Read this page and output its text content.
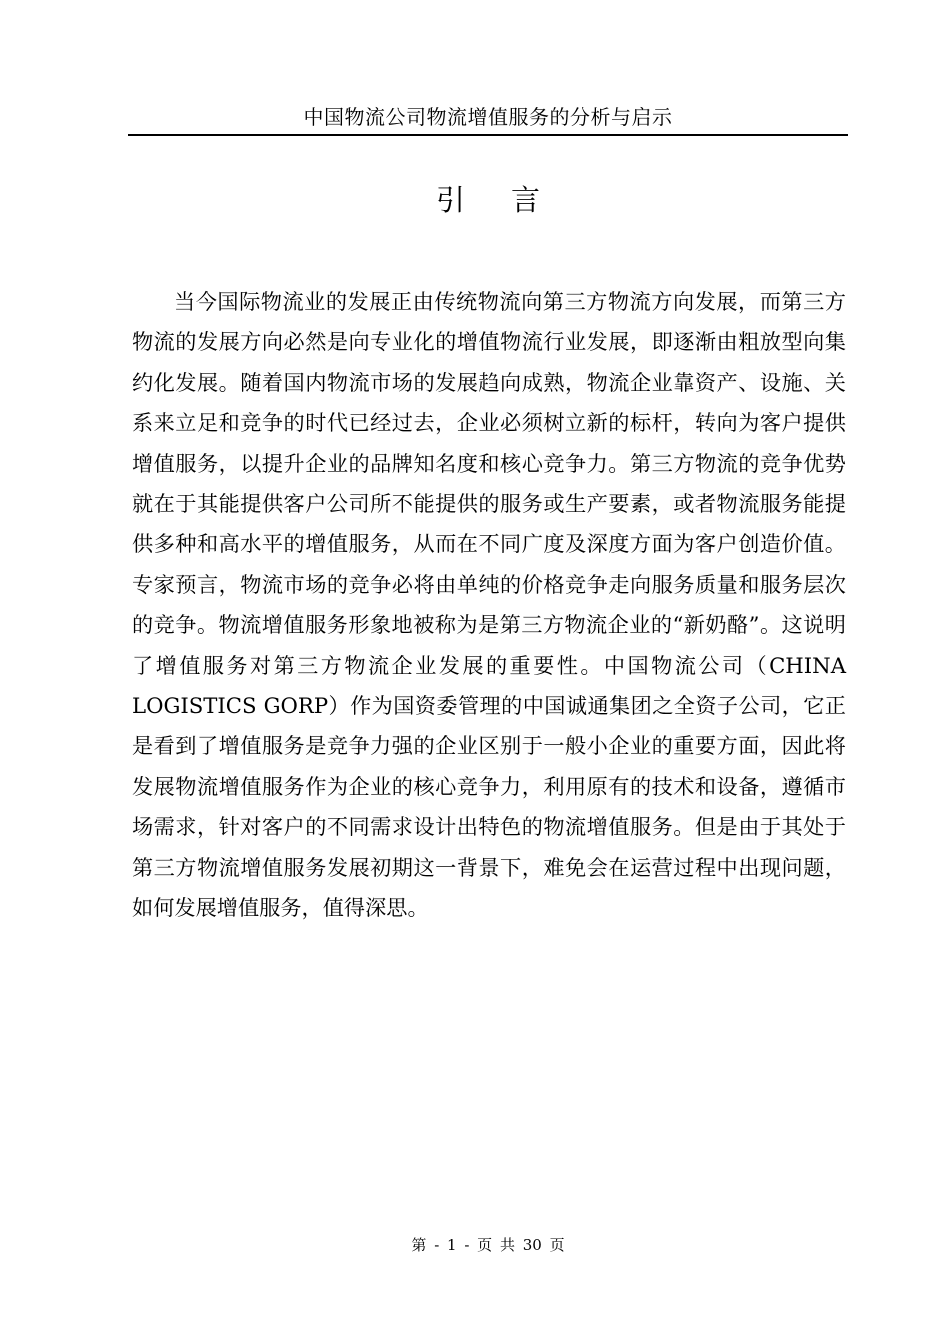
中国物流公司物流增值服务的分析与启示
引言

当今国际物流业的发展正由传统物流向第三方物流方向发展，而第三方物流的发展方向必然是向专业化的增值物流行业发展，即逐渐由粗放型向集约化发展。随着国内物流市场的发展趋向成熟，物流企业靠资产、设施、关系来立足和竞争的时代已经过去，企业必须树立新的标杆，转向为客户提供增值服务，以提升企业的品牌知名度和核心竞争力。第三方物流的竞争优势就在于其能提供客户公司所不能提供的服务或生产要素，或者物流服务能提供多种和高水平的增值服务，从而在不同广度及深度方面为客户创造价值。专家预言，物流市场的竞争必将由单纯的价格竞争走向服务质量和服务层次的竞争。物流增值服务形象地被称为是第三方物流企业的“新奶酪”。这说明了增值服务对第三方物流企业发展的重要性。中国物流公司（CHINA LOGISTICS GORP）作为国资委管理的中国诚通集团之全资子公司，它正是看到了增值服务是竞争力强的企业区别于一般小企业的重要方面，因此将发展物流增值服务作为企业的核心竞争力，利用原有的技术和设备，遵循市场需求，针对客户的不同需求设计出特色的物流增值服务。但是由于其处于第三方物流增值服务发展初期这一背景下，难免会在运营过程中出现问题，如何发展增值服务，值得深思。

第 - 1 - 页 共 30 页
